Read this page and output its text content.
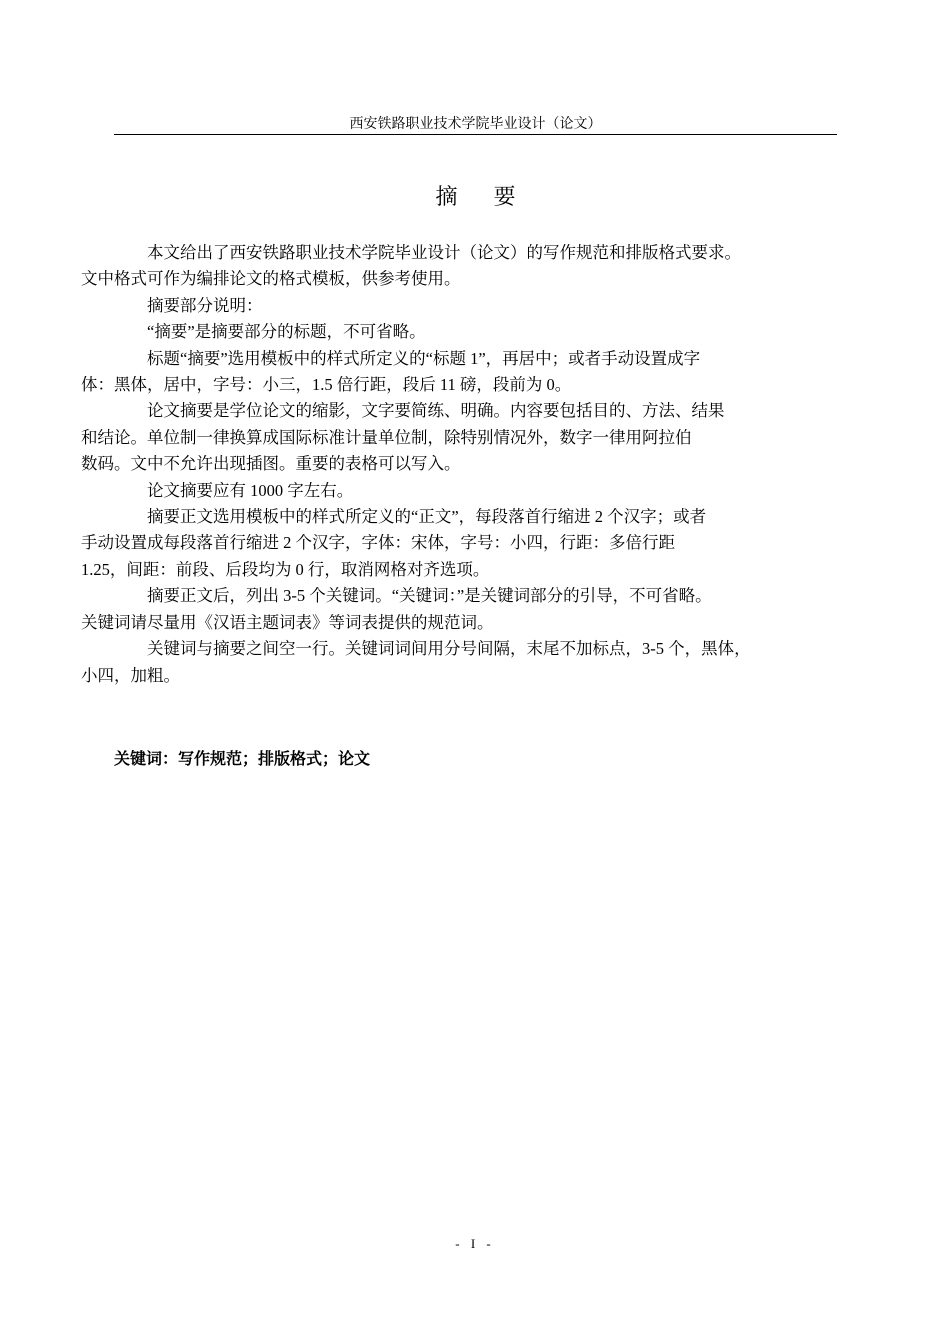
西安铁路职业技术学院毕业设计（论文）
摘要

本文给出了西安铁路职业技术学院毕业设计（论文）的写作规范和排版格式要求。
文中格式可作为编排论文的格式模板，供参考使用。

摘要部分说明：

“摘要”是摘要部分的标题，不可省略。

标题“摘要”选用模板中的样式所定义的“标题 1”，再居中；或者手动设置成字
体：黑体，居中，字号：小三，1.5 倍行距，段后 11 磅，段前为 0。

论文摘要是学位论文的缩影，文字要简练、明确。内容要包括目的、方法、结果
和结论。单位制一律换算成国际标准计量单位制，除特别情况外，数字一律用阿拉伯
数码。文中不允许出现插图。重要的表格可以写入。

论文摘要应有 1000 字左右。

摘要正文选用模板中的样式所定义的“正文”，每段落首行缩进 2 个汉字；或者
手动设置成每段落首行缩进 2 个汉字，字体：宋体，字号：小四，行距：多倍行距
1.25，间距：前段、后段均为 0 行，取消网格对齐选项。

摘要正文后，列出 3-5 个关键词。“关键词：”是关键词部分的引导，不可省略。
关键词请尽量用《汉语主题词表》等词表提供的规范词。

关键词与摘要之间空一行。关键词词间用分号间隔，末尾不加标点，3-5 个，黑体，
小四，加粗。

关键词：写作规范；排版格式；论文
- I -
